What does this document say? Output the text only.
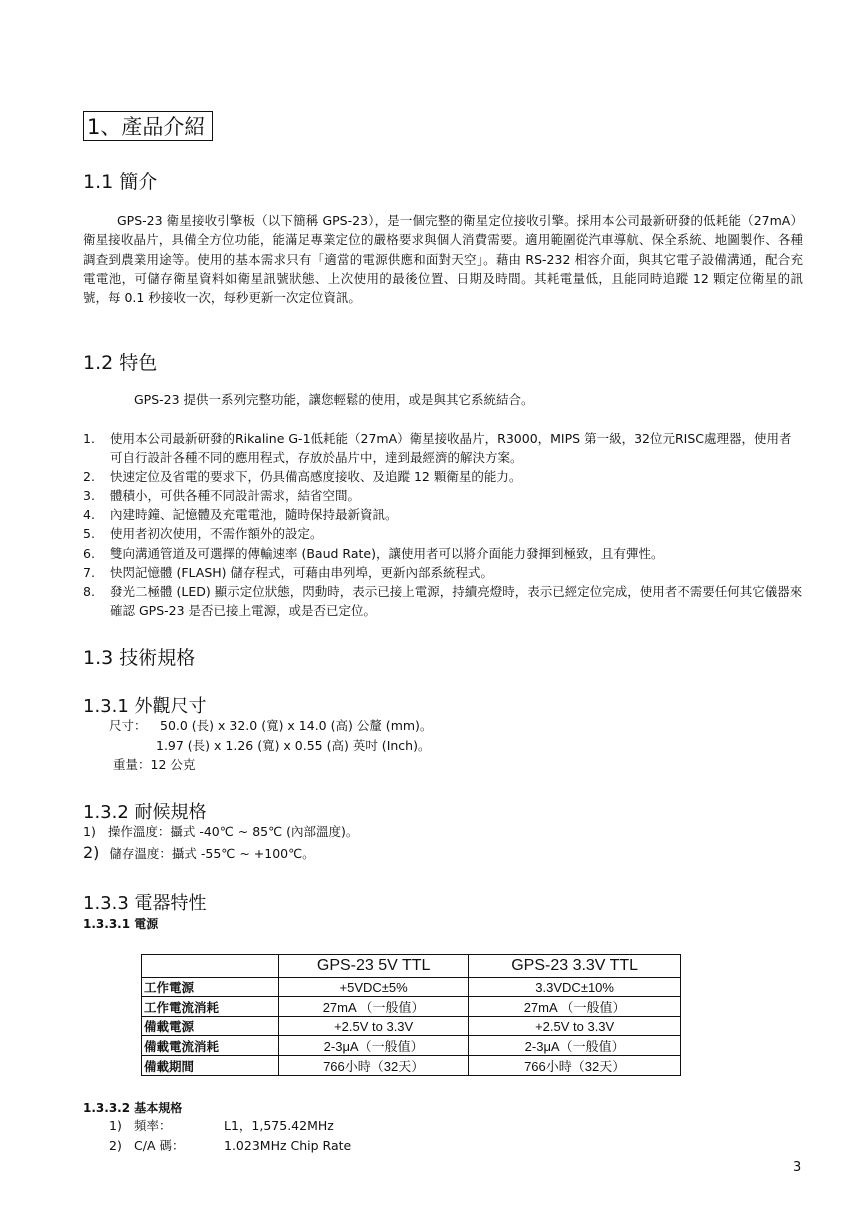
1、產品介紹
1.1 簡介
GPS-23 衛星接收引擎板（以下簡稱 GPS-23），是一個完整的衛星定位接收引擎。採用本公司最新研發的低耗能（27mA）衛星接收晶片，具備全方位功能，能滿足專業定位的嚴格要求與個人消費需要。適用範圍從汽車導航、保全系統、地圖製作、各種調查到農業用途等。使用的基本需求只有「適當的電源供應和面對天空」。藉由 RS-232 相容介面，與其它電子設備溝通，配合充電電池，可儲存衛星資料如衛星訊號狀態、上次使用的最後位置、日期及時間。其耗電量低，且能同時追蹤 12 顆定位衛星的訊號，每 0.1 秒接收一次，每秒更新一次定位資訊。
1.2 特色
GPS-23 提供一系列完整功能，讓您輕鬆的使用，或是與其它系統結合。
1. 使用本公司最新研發的Rikaline G-1低耗能（27mA）衛星接收晶片，R3000，MIPS 第一級，32位元RISC處理器，使用者可自行設計各種不同的應用程式，存放於晶片中，達到最經濟的解決方案。
2. 快速定位及省電的要求下，仍具備高感度接收、及追蹤 12 顆衛星的能力。
3. 體積小，可供各種不同設計需求，結省空間。
4. 內建時鐘、記憶體及充電電池，隨時保持最新資訊。
5. 使用者初次使用，不需作額外的設定。
6. 雙向溝通管道及可選擇的傳輸速率 (Baud Rate)，讓使用者可以將介面能力發揮到極致，且有彈性。
7. 快閃記憶體 (FLASH) 儲存程式，可藉由串列埠，更新內部系統程式。
8. 發光二極體 (LED) 顯示定位狀態，閃動時，表示已接上電源，持續亮燈時，表示已經定位完成，使用者不需要任何其它儀器來確認 GPS-23 是否已接上電源，或是否已定位。
1.3 技術規格
1.3.1 外觀尺寸
尺寸： 50.0 (長) x 32.0 (寬) x 14.0 (高) 公釐 (mm)。
1.97 (長) x 1.26 (寬) x 0.55 (高) 英吋 (Inch)。
重量：12 公克
1.3.2 耐候規格
1) 操作溫度：攝式 -40℃ ~ 85℃ (內部溫度)。
2) 儲存溫度：攝式 -55℃ ~ +100℃。
1.3.3 電器特性
1.3.3.1 電源
	GPS-23 5V TTL	GPS-23 3.3V TTL
工作電源	+5VDC±5%	3.3VDC±10%
工作電流消耗	27mA （一般值）	27mA （一般值）
備載電源	+2.5V to 3.3V	+2.5V to 3.3V
備載電流消耗	2-3μA（一般值）	2-3μA（一般值）
備載期間	766小時（32天）	766小時（32天）
1.3.3.2 基本規格
1) 頻率：	L1，1,575.42MHz
2) C/A 碼：	1.023MHz Chip Rate
3
